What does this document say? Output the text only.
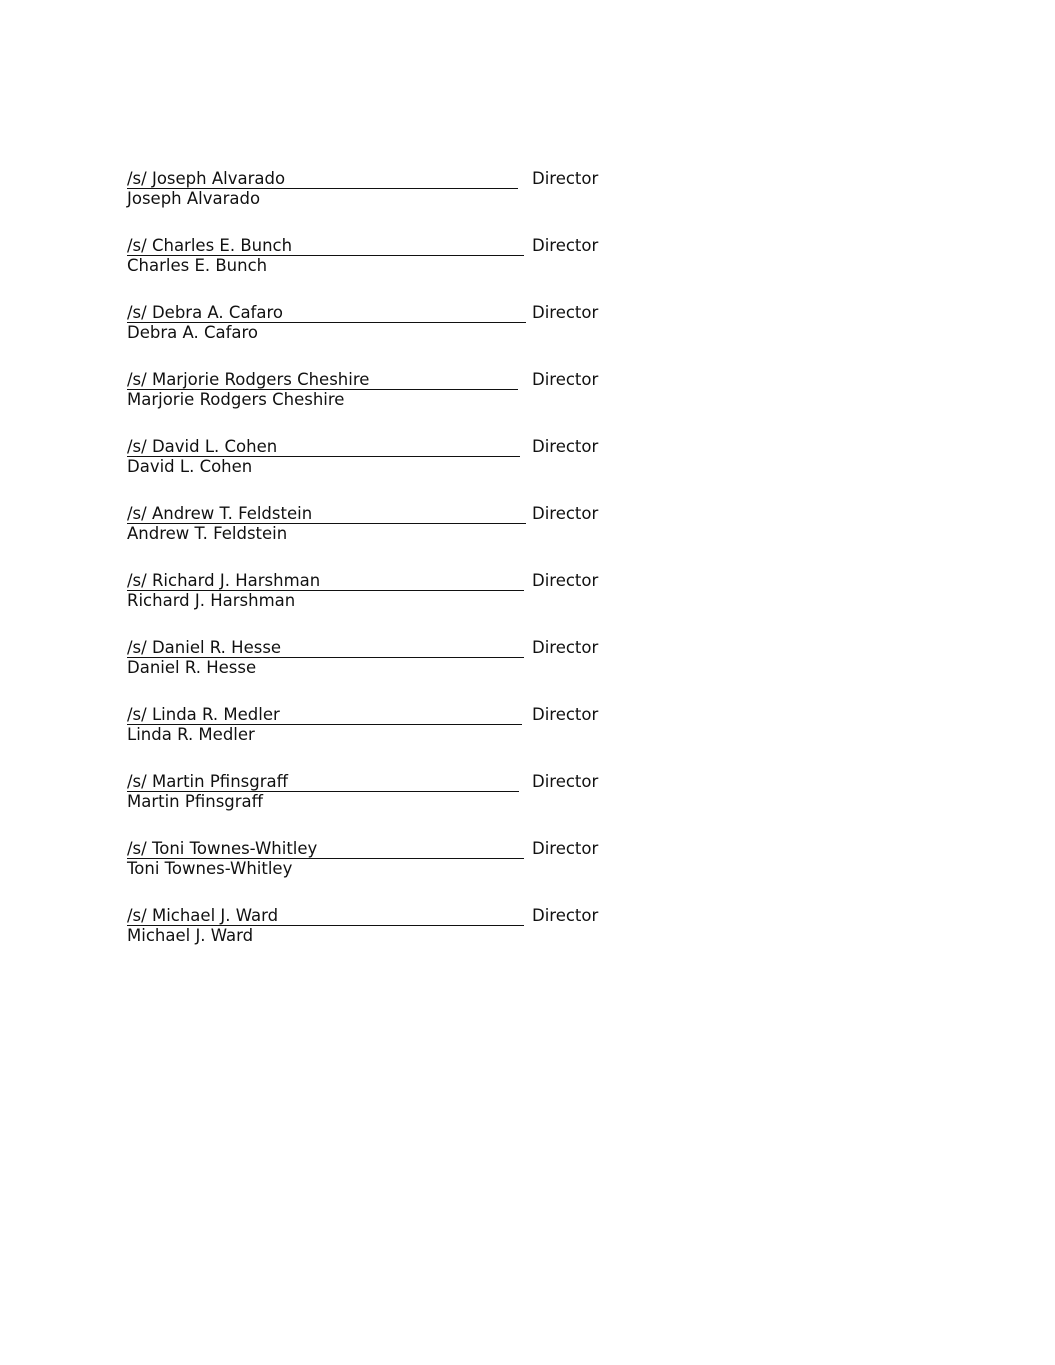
/s/ Joseph Alvarado	Director
Joseph Alvarado
/s/ Charles E. Bunch	Director
Charles E. Bunch
/s/ Debra A. Cafaro	Director
Debra A. Cafaro
/s/ Marjorie Rodgers Cheshire	Director
Marjorie Rodgers Cheshire
/s/ David L. Cohen	Director
David L. Cohen
/s/ Andrew T. Feldstein	Director
Andrew T. Feldstein
/s/ Richard J. Harshman	Director
Richard J. Harshman
/s/ Daniel R. Hesse	Director
Daniel R. Hesse
/s/ Linda R. Medler	Director
Linda R. Medler
/s/ Martin Pfinsgraff	Director
Martin Pfinsgraff
/s/ Toni Townes-Whitley	Director
Toni Townes-Whitley
/s/ Michael J. Ward	Director
Michael J. Ward
